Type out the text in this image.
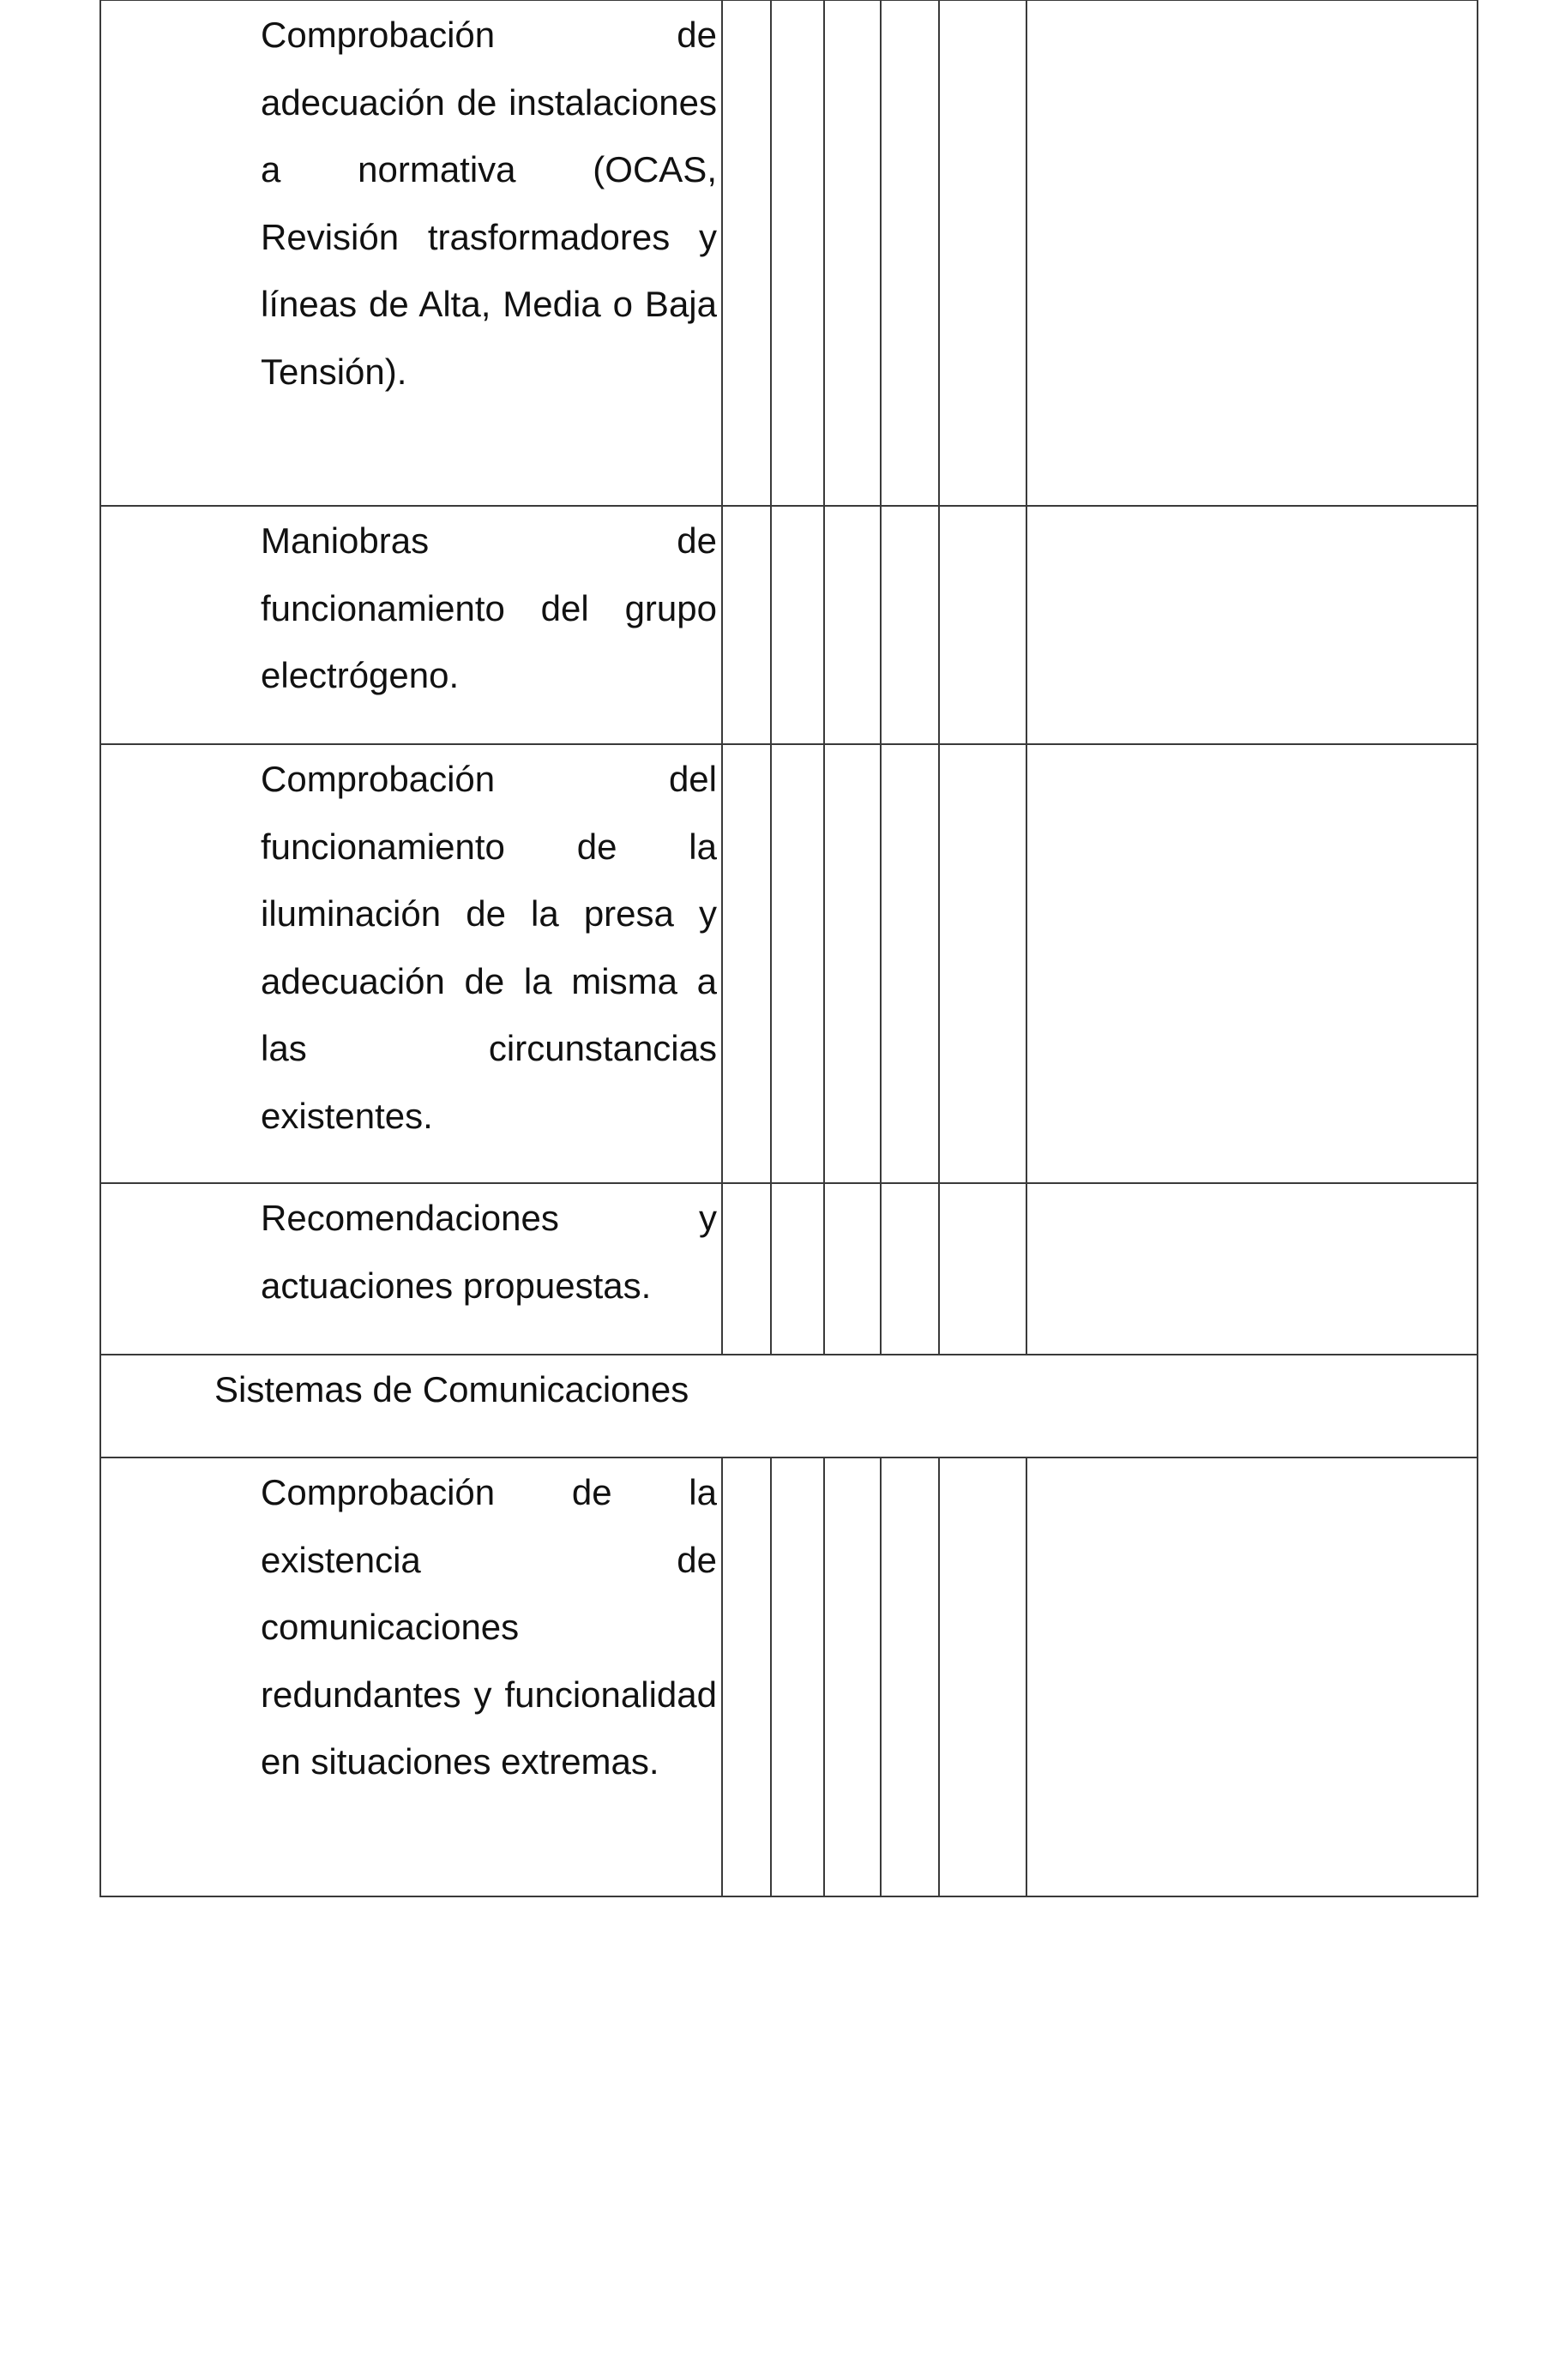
Comprobación de adecuación de instalaciones a normativa (OCAS, Revisión trasformadores y líneas de Alta, Media o Baja Tensión).						

Maniobras de funcionamiento del grupo electrógeno.						

Comprobación del funcionamiento de la iluminación de la presa y adecuación de la misma a las circunstancias existentes.						

Recomendaciones y actuaciones propuestas.						

Sistemas de Comunicaciones						

Comprobación de la existencia de comunicaciones redundantes y funcionalidad en situaciones extremas.						
